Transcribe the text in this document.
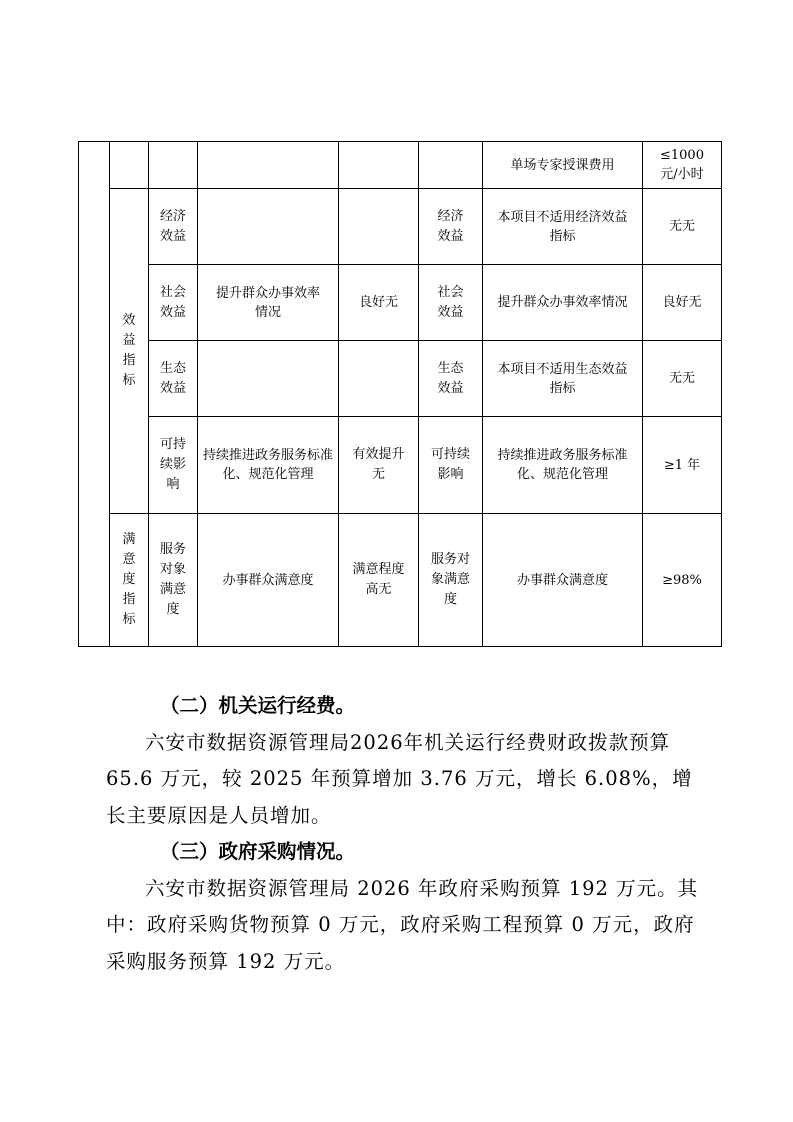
						单场专家授课费用	≤1000 元/小时

	效益指标	经济效益			经济效益	本项目不适用经济效益指标	无无

		社会效益	提升群众办事效率情况	良好无	社会效益	提升群众办事效率情况	良好无

		生态效益			生态效益	本项目不适用生态效益指标	无无

		可持续影响	持续推进政务服务标准化、规范化管理	有效提升无	可持续影响	持续推进政务服务标准化、规范化管理	≥1 年

	满意度指标	服务对象满意度	办事群众满意度	满意程度高无	服务对象满意度	办事群众满意度	≥98%

（二）机关运行经费。

六安市数据资源管理局2026年机关运行经费财政拨款预算 65.6 万元，较 2025 年预算增加 3.76 万元，增长 6.08%，增长主要原因是人员增加。

（三）政府采购情况。

六安市数据资源管理局 2026 年政府采购预算 192 万元。其中：政府采购货物预算 0 万元，政府采购工程预算 0 万元，政府采购服务预算 192 万元。
